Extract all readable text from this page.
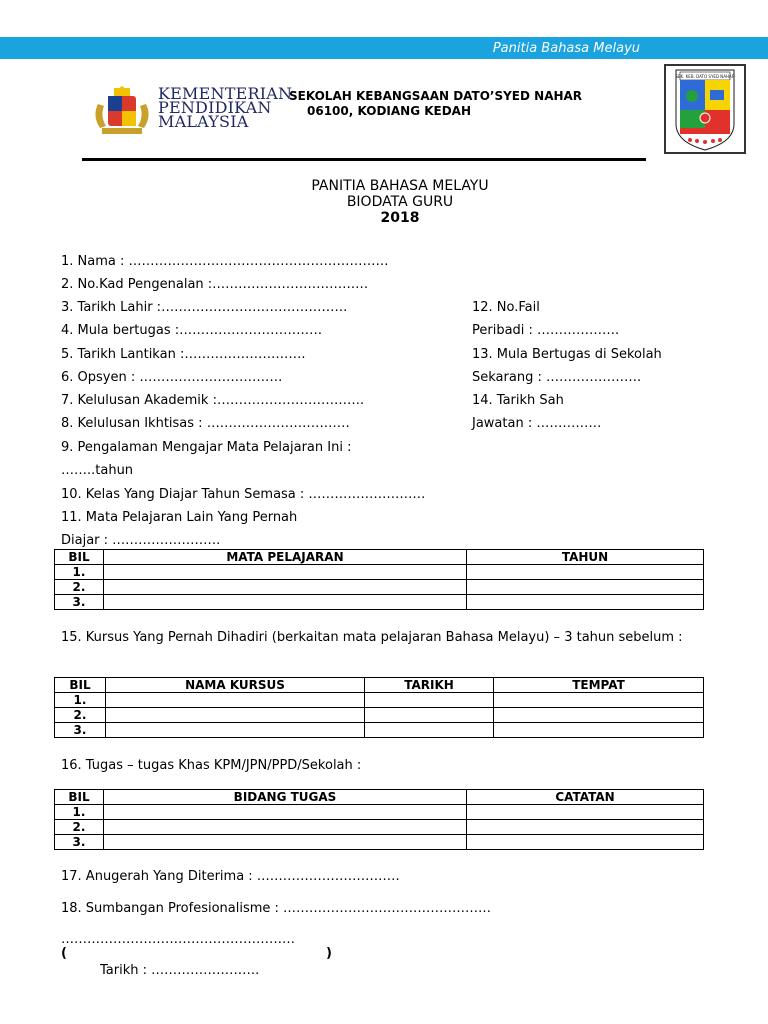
Panitia Bahasa Melayu
KEMENTERIAN
PENDIDIKAN
MALAYSIA
SEKOLAH KEBANGSAAN DATO’SYED NAHAR
06100, KODIANG KEDAH
SEK. KEB. DATO SYED NAHAR
PANITIA BAHASA MELAYU
BIODATA GURU
2018
1. Nama : ……………………………………………………
2. No.Kad Pengenalan :………………………………
3. Tarikh Lahir :…………………………………….
4. Mula bertugas :……………………………
5. Tarikh Lantikan :……………………….
6. Opsyen : ……………………………
7. Kelulusan Akademik :…………………………….
8. Kelulusan Ikhtisas : ……………………………
9. Pengalaman Mengajar Mata Pelajaran Ini :
……..tahun
10. Kelas Yang Diajar Tahun Semasa : ………………………
11. Mata Pelajaran Lain Yang Pernah
Diajar : …………………….
12. No.Fail
Peribadi : ……………….
13. Mula Bertugas di Sekolah
Sekarang : ………………….
14. Tarikh Sah
Jawatan : ……………
BIL	MATA PELAJARAN	TAHUN
1.		
2.		
3.		
15. Kursus Yang Pernah Dihadiri (berkaitan mata pelajaran Bahasa Melayu) – 3 tahun sebelum :
BIL	NAMA KURSUS	TARIKH	TEMPAT
1.			
2.			
3.			
16. Tugas – tugas Khas KPM/JPN/PPD/Sekolah :
BIL	BIDANG TUGAS	CATATAN
1.		
2.		
3.		
17. Anugerah Yang Diterima : ……………………………
18. Sumbangan Profesionalisme : …………………………………………
………………………………………………
(	)
Tarikh : …………………….
